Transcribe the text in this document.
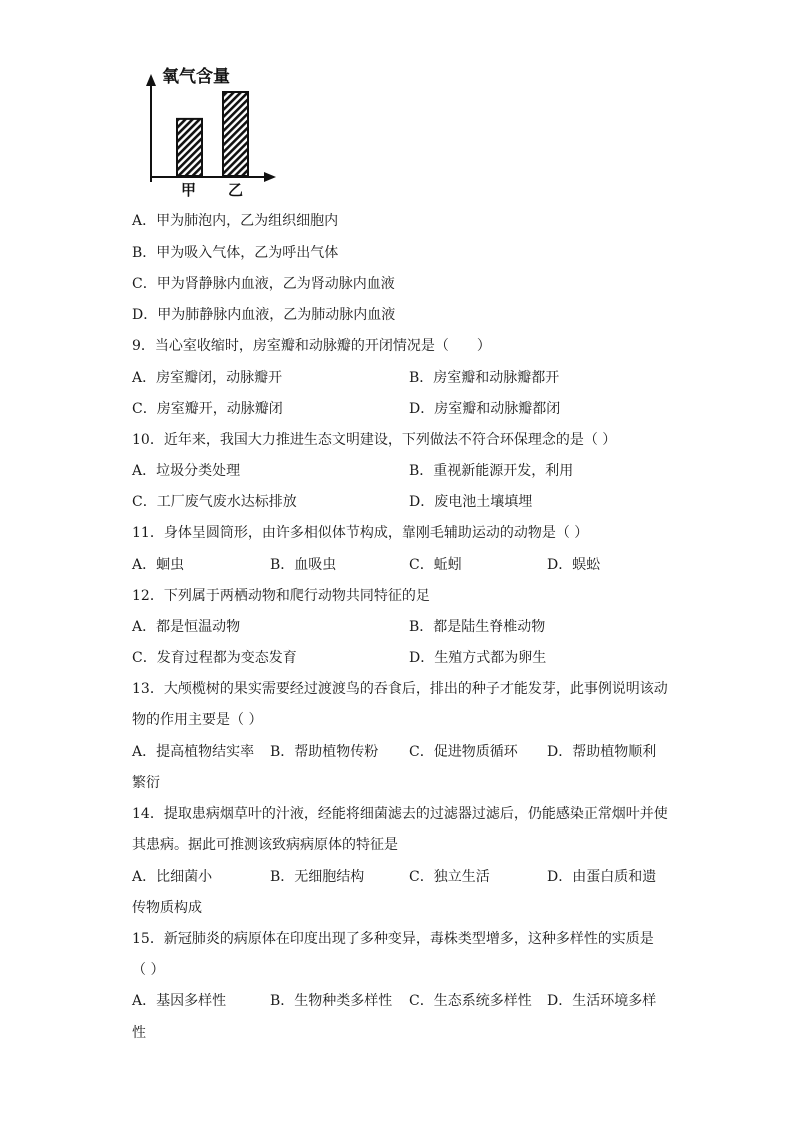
氧气含量
甲 乙
A．甲为肺泡内，乙为组织细胞内
B．甲为吸入气体，乙为呼出气体
C．甲为肾静脉内血液，乙为肾动脉内血液
D．甲为肺静脉内血液，乙为肺动脉内血液
9．当心室收缩时，房室瓣和动脉瓣的开闭情况是（　　）
A．房室瓣闭，动脉瓣开	B．房室瓣和动脉瓣都开
C．房室瓣开，动脉瓣闭	D．房室瓣和动脉瓣都闭
10．近年来，我国大力推进生态文明建设，下列做法不符合环保理念的是（ ）
A．垃圾分类处理	B．重视新能源开发，利用
C．工厂废气废水达标排放	D．废电池土壤填埋
11．身体呈圆筒形，由许多相似体节构成，靠刚毛辅助运动的动物是（ ）
A．蛔虫	B．血吸虫	C．蚯蚓	D．蜈蚣
12．下列属于两栖动物和爬行动物共同特征的足
A．都是恒温动物	B．都是陆生脊椎动物
C．发育过程都为变态发育	D．生殖方式都为卵生
13．大颅榄树的果实需要经过渡渡鸟的吞食后，排出的种子才能发芽，此事例说明该动
物的作用主要是（ ）
A．提高植物结实率 B．帮助植物传粉 C．促进物质循环 D．帮助植物顺利
繁衍
14．提取患病烟草叶的汁液，经能将细菌滤去的过滤器过滤后，仍能感染正常烟叶并使
其患病。据此可推测该致病病原体的特征是
A．比细菌小	B．无细胞结构	C．独立生活	D．由蛋白质和遗
传物质构成
15．新冠肺炎的病原体在印度出现了多种变异，毒株类型增多，这种多样性的实质是
（ ）
A．基因多样性	B．生物种类多样性 C．生态系统多样性 D．生活环境多样
性
